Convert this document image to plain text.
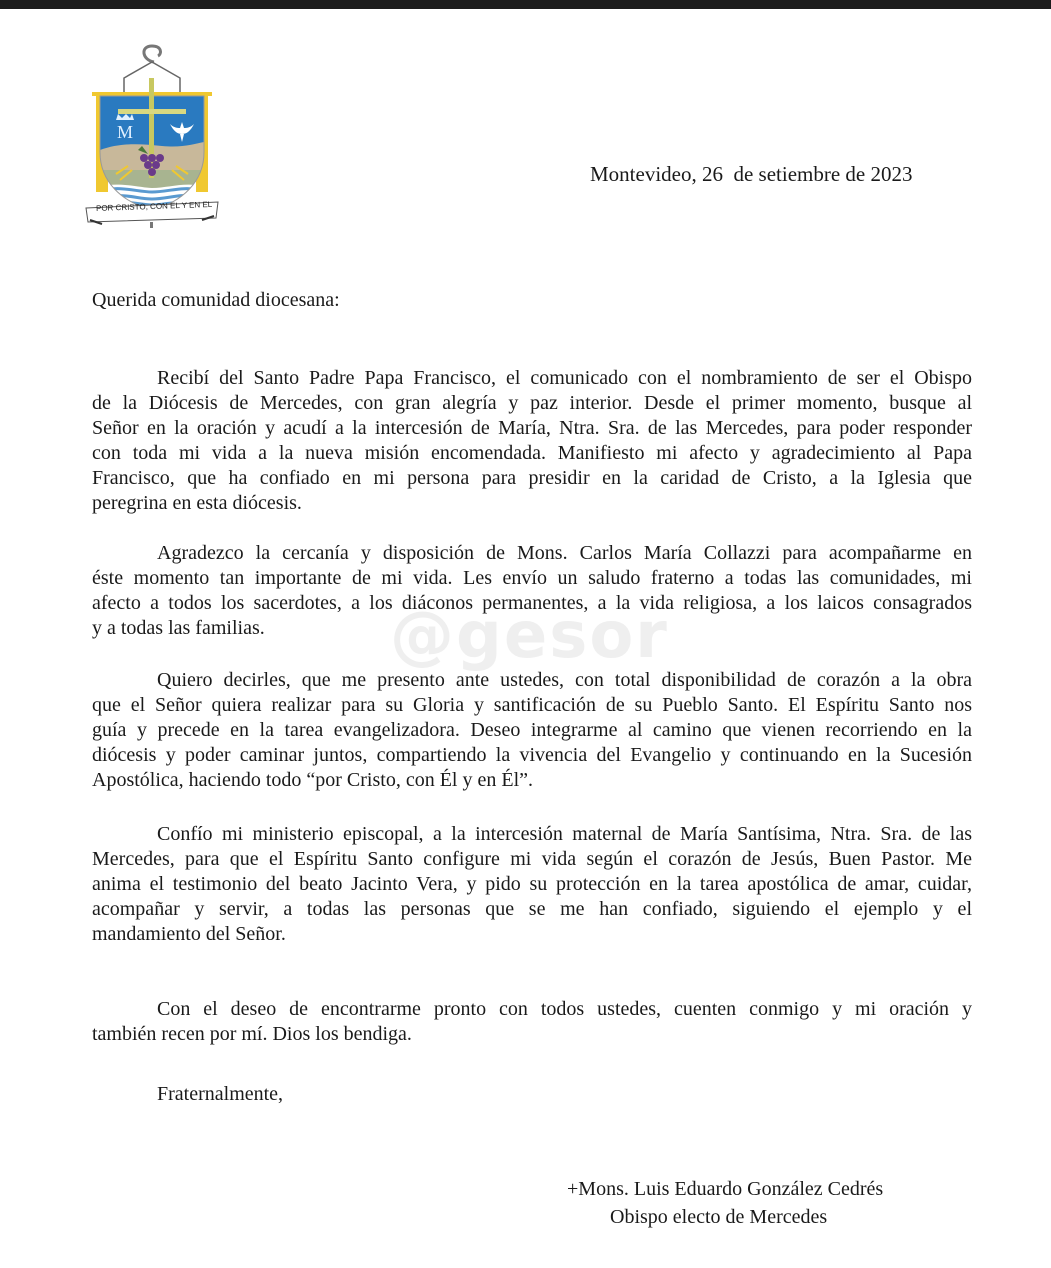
M
POR CRISTO, CON EL Y EN EL
Montevideo, 26  de setiembre de 2023
@gesor
Querida comunidad diocesana:
Recibí del Santo Padre Papa Francisco, el comunicado con el nombramiento de ser el Obispo
de la Diócesis de Mercedes, con gran alegría y paz interior. Desde el primer momento, busque al
Señor en la oración y acudí a la intercesión de María, Ntra. Sra. de las Mercedes, para poder responder
con toda mi vida a la nueva misión encomendada. Manifiesto mi afecto y agradecimiento al Papa
Francisco, que ha confiado en mi persona para presidir en la caridad de Cristo, a la Iglesia que
peregrina en esta diócesis.
Agradezco la cercanía y disposición de Mons. Carlos María Collazzi para acompañarme en
éste momento tan importante de mi vida. Les envío un saludo fraterno a todas las comunidades, mi
afecto a todos los sacerdotes, a los diáconos permanentes, a la vida religiosa, a los laicos consagrados
y a todas las familias.
Quiero decirles, que me presento ante ustedes, con total disponibilidad de corazón a la obra
que el Señor quiera realizar para su Gloria y santificación de su Pueblo Santo. El Espíritu Santo nos
guía y precede en la tarea evangelizadora. Deseo integrarme al camino que vienen recorriendo en la
diócesis y poder caminar juntos, compartiendo la vivencia del Evangelio y continuando en la Sucesión
Apostólica, haciendo todo “por Cristo, con Él y en Él”.
Confío mi ministerio episcopal, a la intercesión maternal de María Santísima, Ntra. Sra. de las
Mercedes, para que el Espíritu Santo configure mi vida según el corazón de Jesús, Buen Pastor. Me
anima el testimonio del beato Jacinto Vera, y pido su protección en la tarea apostólica de amar, cuidar,
acompañar y servir, a todas las personas que se me han confiado, siguiendo el ejemplo y el
mandamiento del Señor.
Con el deseo de encontrarme pronto con todos ustedes, cuenten conmigo y mi oración y
también recen por mí. Dios los bendiga.
Fraternalmente,
+Mons. Luis Eduardo González Cedrés
Obispo electo de Mercedes
